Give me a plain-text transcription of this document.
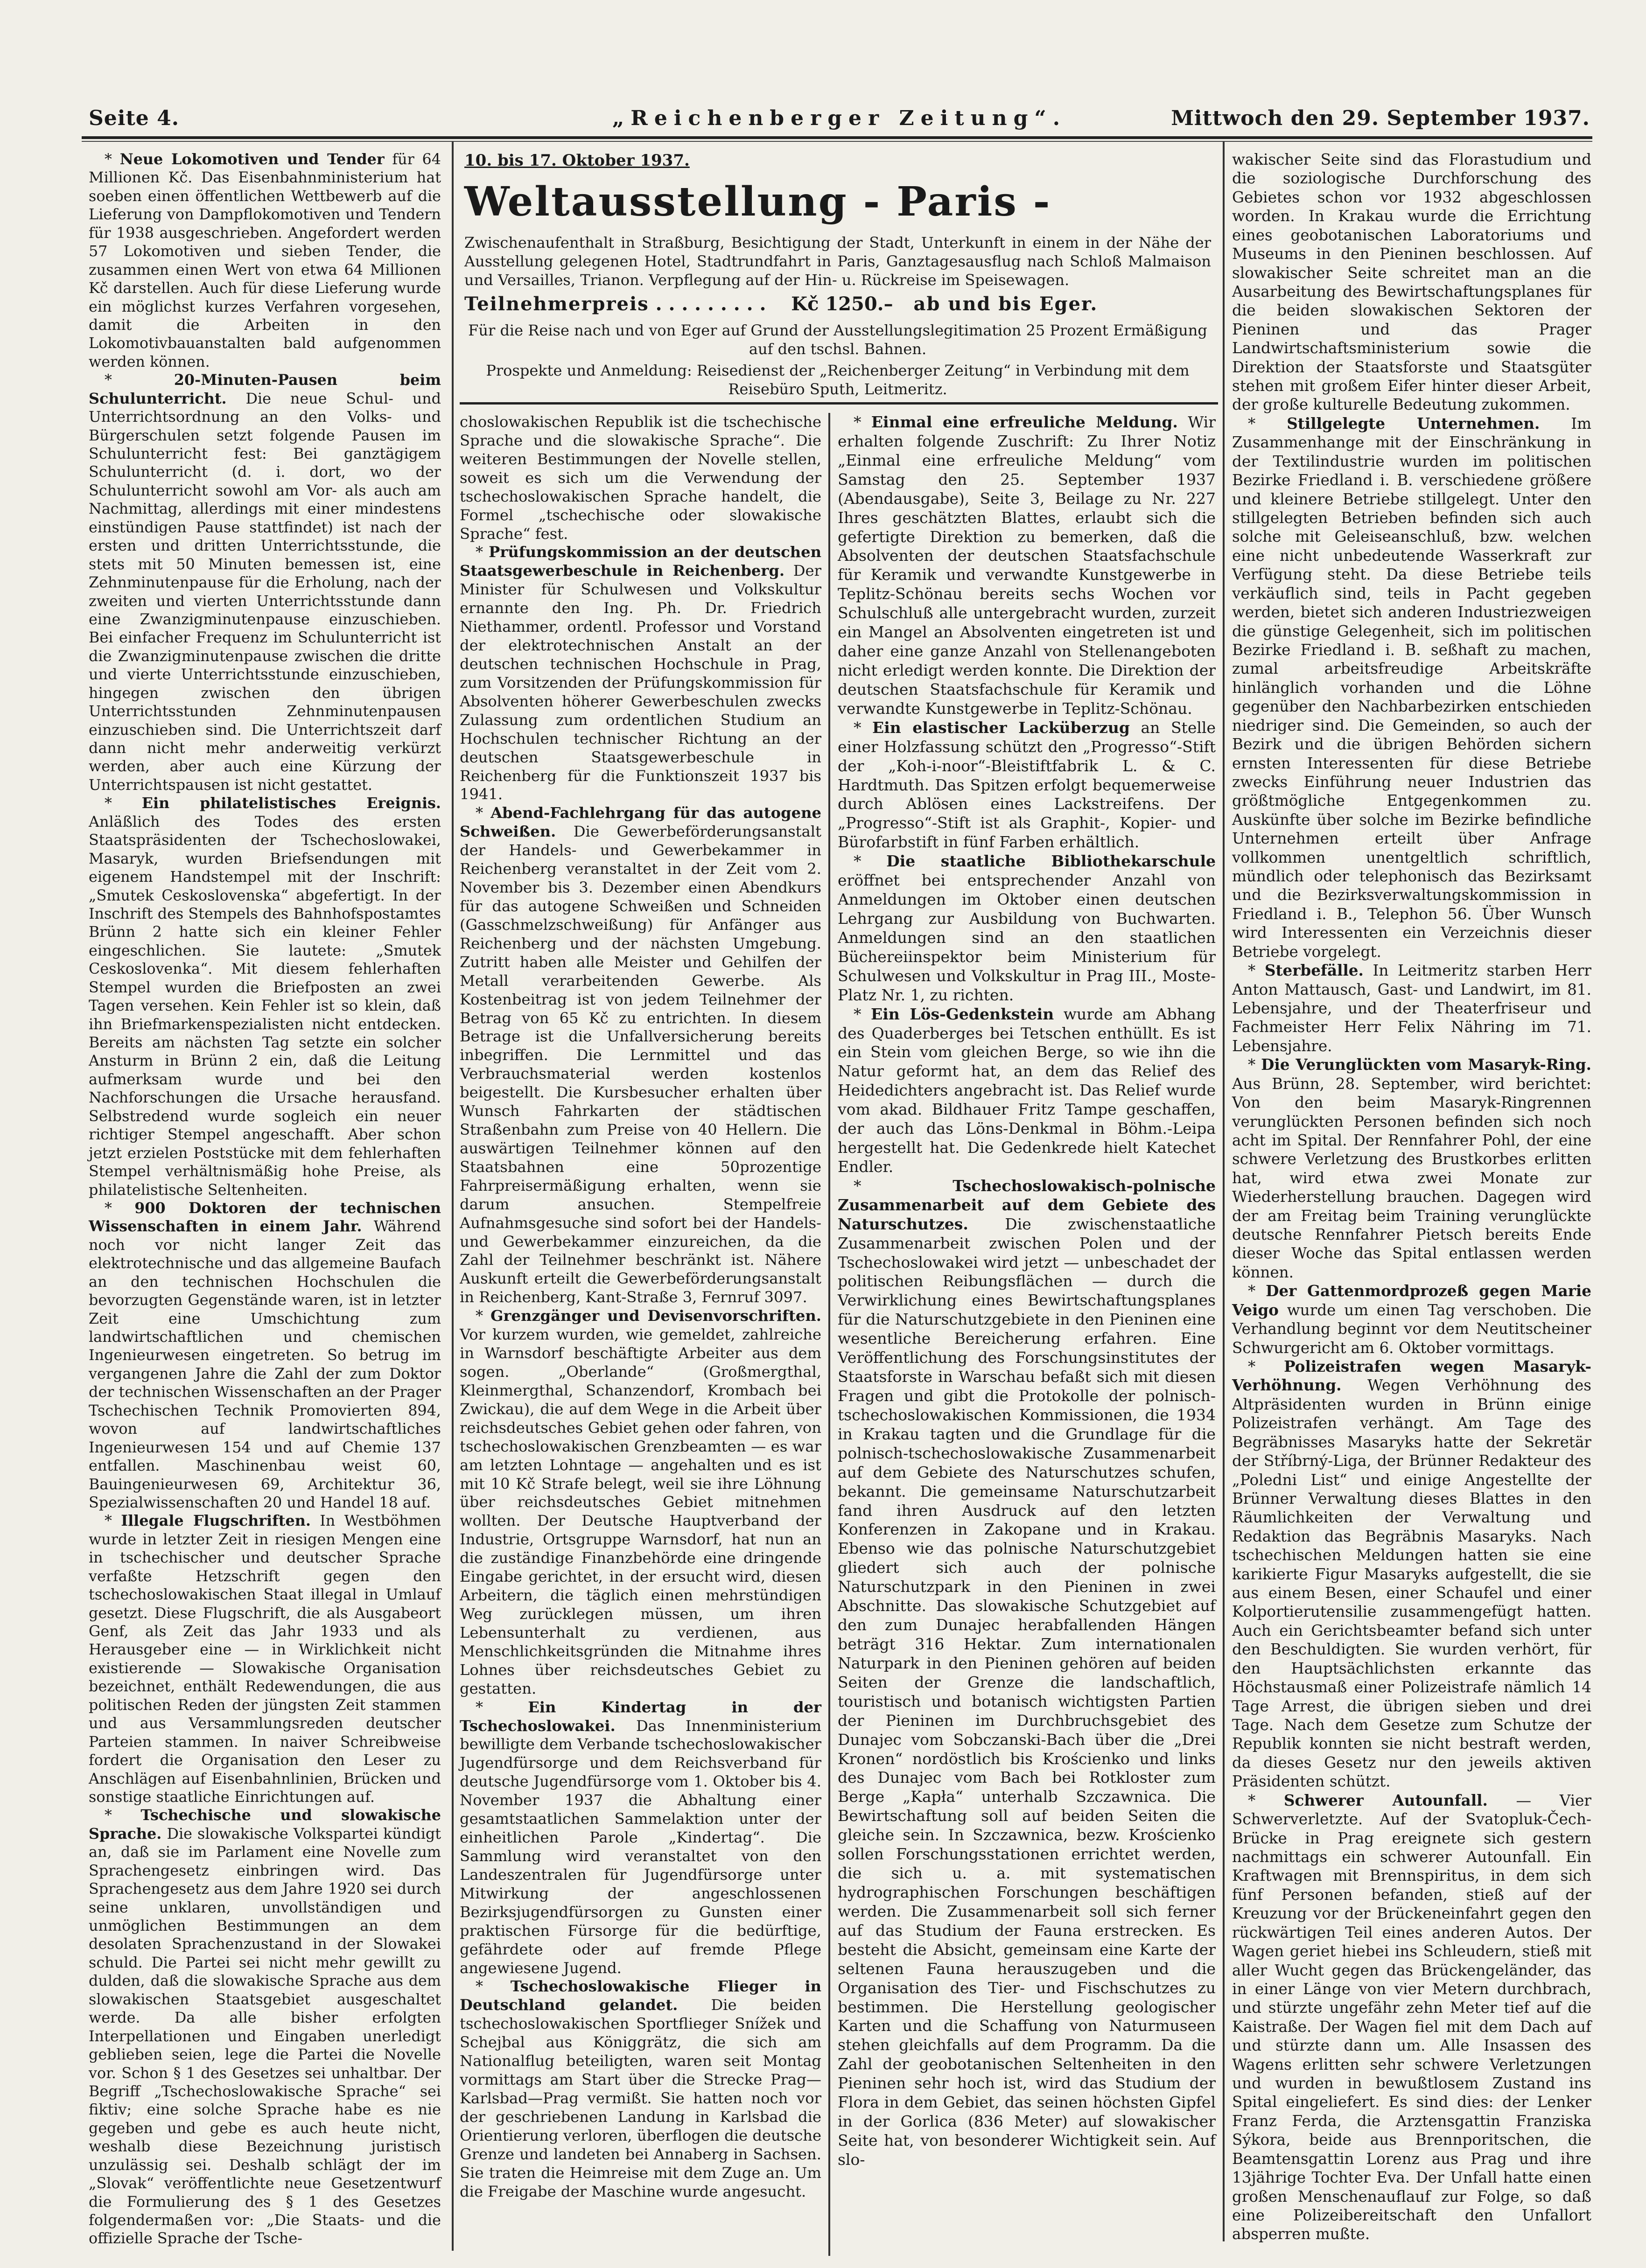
Seite 4.	„Reichenberger Zeitung“.	Mittwoch den 29. September 1937.
10. bis 17. Oktober 1937.
Weltausstellung - Paris -
Zwischenaufenthalt in Straßburg, Besichtigung der Stadt, Unterkunft in einem in der Nähe der Ausstellung gelegenen Hotel, Stadtrundfahrt in Paris, Ganztagesausflug nach Schloß Malmaison und Versailles, Trianon. Verpflegung auf der Hin- u. Rückreise im Speisewagen.
Teilnehmerpreis . . . . . . . . . Kč 1250.– ab und bis Eger.
Für die Reise nach und von Eger auf Grund der Ausstellungslegitimation 25 Prozent Ermäßigung auf den tschsl. Bahnen.
Prospekte und Anmeldung: Reisedienst der „Reichenberger Zeitung“ in Verbindung mit dem Reisebüro Sputh, Leitmeritz.

* Neue Lokomotiven und Tender für 64 Millionen Kč. Das Eisenbahnministerium hat soeben einen öffentlichen Wettbewerb auf die Lieferung von Dampflokomotiven und Tendern für 1938 ausgeschrieben. Angefordert werden 57 Lokomotiven und sieben Tender, die zusammen einen Wert von etwa 64 Millionen Kč darstellen. Auch für diese Lieferung wurde ein möglichst kurzes Verfahren vorgesehen, damit die Arbeiten in den Lokomotivbauanstalten bald aufgenommen werden können.

* 20-Minuten-Pausen beim Schulunterricht. Die neue Schul- und Unterrichtsordnung an den Volks- und Bürgerschulen setzt folgende Pausen im Schulunterricht fest: Bei ganztägigem Schulunterricht (d. i. dort, wo der Schulunterricht sowohl am Vor- als auch am Nachmittag, allerdings mit einer mindestens einstündigen Pause stattfindet) ist nach der ersten und dritten Unterrichtsstunde, die stets mit 50 Minuten bemessen ist, eine Zehnminutenpause für die Erholung, nach der zweiten und vierten Unterrichtsstunde dann eine Zwanzigminutenpause einzuschieben. Bei einfacher Frequenz im Schulunterricht ist die Zwanzigminutenpause zwischen die dritte und vierte Unterrichtsstunde einzuschieben, hingegen zwischen den übrigen Unterrichtsstunden Zehnminutenpausen einzuschieben sind. Die Unterrichtszeit darf dann nicht mehr anderweitig verkürzt werden, aber auch eine Kürzung der Unterrichtspausen ist nicht gestattet.

* Ein philatelistisches Ereignis. Anläßlich des Todes des ersten Staatspräsidenten der Tschechoslowakei, Masaryk, wurden Briefsendungen mit eigenem Handstempel mit der Inschrift: „Smutek Ceskoslovenska“ abgefertigt. In der Inschrift des Stempels des Bahnhofspostamtes Brünn 2 hatte sich ein kleiner Fehler eingeschlichen. Sie lautete: „Smutek Ceskoslovenka“. Mit diesem fehlerhaften Stempel wurden die Briefposten an zwei Tagen versehen. Kein Fehler ist so klein, daß ihn Briefmarkenspezialisten nicht entdecken. Bereits am nächsten Tag setzte ein solcher Ansturm in Brünn 2 ein, daß die Leitung aufmerksam wurde und bei den Nachforschungen die Ursache herausfand. Selbstredend wurde sogleich ein neuer richtiger Stempel angeschafft. Aber schon jetzt erzielen Poststücke mit dem fehlerhaften Stempel verhältnismäßig hohe Preise, als philatelistische Seltenheiten.

* 900 Doktoren der technischen Wissenschaften in einem Jahr. Während noch vor nicht langer Zeit das elektrotechnische und das allgemeine Baufach an den technischen Hochschulen die bevorzugten Gegenstände waren, ist in letzter Zeit eine Umschichtung zum landwirtschaftlichen und chemischen Ingenieurwesen eingetreten. So betrug im vergangenen Jahre die Zahl der zum Doktor der technischen Wissenschaften an der Prager Tschechischen Technik Promovierten 894, wovon auf landwirtschaftliches Ingenieurwesen 154 und auf Chemie 137 entfallen. Maschinenbau weist 60, Bauingenieurwesen 69, Architektur 36, Spezialwissenschaften 20 und Handel 18 auf.

* Illegale Flugschriften. In Westböhmen wurde in letzter Zeit in riesigen Mengen eine in tschechischer und deutscher Sprache verfaßte Hetzschrift gegen den tschechoslowakischen Staat illegal in Umlauf gesetzt. Diese Flugschrift, die als Ausgabeort Genf, als Zeit das Jahr 1933 und als Herausgeber eine — in Wirklichkeit nicht existierende — Slowakische Organisation bezeichnet, enthält Redewendungen, die aus politischen Reden der jüngsten Zeit stammen und aus Versammlungsreden deutscher Parteien stammen. In naiver Schreibweise fordert die Organisation den Leser zu Anschlägen auf Eisenbahnlinien, Brücken und sonstige staatliche Einrichtungen auf.

* Tschechische und slowakische Sprache. Die slowakische Volkspartei kündigt an, daß sie im Parlament eine Novelle zum Sprachengesetz einbringen wird. Das Sprachengesetz aus dem Jahre 1920 sei durch seine unklaren, unvollständigen und unmöglichen Bestimmungen an dem desolaten Sprachenzustand in der Slowakei schuld. Die Partei sei nicht mehr gewillt zu dulden, daß die slowakische Sprache aus dem slowakischen Staatsgebiet ausgeschaltet werde. Da alle bisher erfolgten Interpellationen und Eingaben unerledigt geblieben seien, lege die Partei die Novelle vor. Schon § 1 des Gesetzes sei unhaltbar. Der Begriff „Tschechoslowakische Sprache“ sei fiktiv; eine solche Sprache habe es nie gegeben und gebe es auch heute nicht, weshalb diese Bezeichnung juristisch unzulässig sei. Deshalb schlägt der im „Slovak“ veröffentlichte neue Gesetzentwurf die Formulierung des § 1 des Gesetzes folgendermaßen vor: „Die Staats- und die offizielle Sprache der Tsche-

choslowakischen Republik ist die tschechische Sprache und die slowakische Sprache“. Die weiteren Bestimmungen der Novelle stellen, soweit es sich um die Verwendung der tschechoslowakischen Sprache handelt, die Formel „tschechische oder slowakische Sprache“ fest.

* Prüfungskommission an der deutschen Staatsgewerbeschule in Reichenberg. Der Minister für Schulwesen und Volkskultur ernannte den Ing. Ph. Dr. Friedrich Niethammer, ordentl. Professor und Vorstand der elektrotechnischen Anstalt an der deutschen technischen Hochschule in Prag, zum Vorsitzenden der Prüfungskommission für Absolventen höherer Gewerbeschulen zwecks Zulassung zum ordentlichen Studium an Hochschulen technischer Richtung an der deutschen Staatsgewerbeschule in Reichenberg für die Funktionszeit 1937 bis 1941.

* Abend-Fachlehrgang für das autogene Schweißen. Die Gewerbeförderungsanstalt der Handels- und Gewerbekammer in Reichenberg veranstaltet in der Zeit vom 2. November bis 3. Dezember einen Abendkurs für das autogene Schweißen und Schneiden (Gasschmelzschweißung) für Anfänger aus Reichenberg und der nächsten Umgebung. Zutritt haben alle Meister und Gehilfen der Metall verarbeitenden Gewerbe. Als Kostenbeitrag ist von jedem Teilnehmer der Betrag von 65 Kč zu entrichten. In diesem Betrage ist die Unfallversicherung bereits inbegriffen. Die Lernmittel und das Verbrauchsmaterial werden kostenlos beigestellt. Die Kursbesucher erhalten über Wunsch Fahrkarten der städtischen Straßenbahn zum Preise von 40 Hellern. Die auswärtigen Teilnehmer können auf den Staatsbahnen eine 50prozentige Fahrpreisermäßigung erhalten, wenn sie darum ansuchen. Stempelfreie Aufnahmsgesuche sind sofort bei der Handels- und Gewerbekammer einzureichen, da die Zahl der Teilnehmer beschränkt ist. Nähere Auskunft erteilt die Gewerbeförderungsanstalt in Reichenberg, Kant-Straße 3, Fernruf 3097.

* Grenzgänger und Devisenvorschriften. Vor kurzem wurden, wie gemeldet, zahlreiche in Warnsdorf beschäftigte Arbeiter aus dem sogen. „Oberlande“ (Großmergthal, Kleinmergthal, Schanzendorf, Krombach bei Zwickau), die auf dem Wege in die Arbeit über reichsdeutsches Gebiet gehen oder fahren, von tschechoslowakischen Grenzbeamten — es war am letzten Lohntage — angehalten und es ist mit 10 Kč Strafe belegt, weil sie ihre Löhnung über reichsdeutsches Gebiet mitnehmen wollten. Der Deutsche Hauptverband der Industrie, Ortsgruppe Warnsdorf, hat nun an die zuständige Finanzbehörde eine dringende Eingabe gerichtet, in der ersucht wird, diesen Arbeitern, die täglich einen mehrstündigen Weg zurücklegen müssen, um ihren Lebensunterhalt zu verdienen, aus Menschlichkeitsgründen die Mitnahme ihres Lohnes über reichsdeutsches Gebiet zu gestatten.

* Ein Kindertag in der Tschechoslowakei. Das Innenministerium bewilligte dem Verbande tschechoslowakischer Jugendfürsorge und dem Reichsverband für deutsche Jugendfürsorge vom 1. Oktober bis 4. November 1937 die Abhaltung einer gesamtstaatlichen Sammelaktion unter der einheitlichen Parole „Kindertag“. Die Sammlung wird veranstaltet von den Landeszentralen für Jugendfürsorge unter Mitwirkung der angeschlossenen Bezirksjugendfürsorgen zu Gunsten einer praktischen Fürsorge für die bedürftige, gefährdete oder auf fremde Pflege angewiesene Jugend.

* Tschechoslowakische Flieger in Deutschland gelandet. Die beiden tschechoslowakischen Sportflieger Snížek und Schejbal aus Königgrätz, die sich am Nationalflug beteiligten, waren seit Montag vormittags am Start über die Strecke Prag—Karlsbad—Prag vermißt. Sie hatten noch vor der geschriebenen Landung in Karlsbad die Orientierung verloren, überflogen die deutsche Grenze und landeten bei Annaberg in Sachsen. Sie traten die Heimreise mit dem Zuge an. Um die Freigabe der Maschine wurde angesucht.

* Einmal eine erfreuliche Meldung. Wir erhalten folgende Zuschrift: Zu Ihrer Notiz „Einmal eine erfreuliche Meldung“ vom Samstag den 25. September 1937 (Abendausgabe), Seite 3, Beilage zu Nr. 227 Ihres geschätzten Blattes, erlaubt sich die gefertigte Direktion zu bemerken, daß die Absolventen der deutschen Staatsfachschule für Keramik und verwandte Kunstgewerbe in Teplitz-Schönau bereits sechs Wochen vor Schulschluß alle untergebracht wurden, zurzeit ein Mangel an Absolventen eingetreten ist und daher eine ganze Anzahl von Stellenangeboten nicht erledigt werden konnte. Die Direktion der deutschen Staatsfachschule für Keramik und verwandte Kunstgewerbe in Teplitz-Schönau.

* Ein elastischer Lacküberzug an Stelle einer Holzfassung schützt den „Progresso“-Stift der „Koh-i-noor“-Bleistiftfabrik L. & C. Hardtmuth. Das Spitzen erfolgt bequemerweise durch Ablösen eines Lackstreifens. Der „Progresso“-Stift ist als Graphit-, Kopier- und Bürofarbstift in fünf Farben erhältlich.

* Die staatliche Bibliothekarschule eröffnet bei entsprechender Anzahl von Anmeldungen im Oktober einen deutschen Lehrgang zur Ausbildung von Buchwarten. Anmeldungen sind an den staatlichen Büchereiinspektor beim Ministerium für Schulwesen und Volkskultur in Prag III., Moste-Platz Nr. 1, zu richten.

* Ein Lös-Gedenkstein wurde am Abhang des Quaderberges bei Tetschen enthüllt. Es ist ein Stein vom gleichen Berge, so wie ihn die Natur geformt hat, an dem das Relief des Heidedichters angebracht ist. Das Relief wurde vom akad. Bildhauer Fritz Tampe geschaffen, der auch das Löns-Denkmal in Böhm.-Leipa hergestellt hat. Die Gedenkrede hielt Katechet Endler.

* Tschechoslowakisch-polnische Zusammenarbeit auf dem Gebiete des Naturschutzes. Die zwischenstaatliche Zusammenarbeit zwischen Polen und der Tschechoslowakei wird jetzt — unbeschadet der politischen Reibungsflächen — durch die Verwirklichung eines Bewirtschaftungsplanes für die Naturschutzgebiete in den Pieninen eine wesentliche Bereicherung erfahren. Eine Veröffentlichung des Forschungsinstitutes der Staatsforste in Warschau befaßt sich mit diesen Fragen und gibt die Protokolle der polnisch-tschechoslowakischen Kommissionen, die 1934 in Krakau tagten und die Grundlage für die polnisch-tschechoslowakische Zusammenarbeit auf dem Gebiete des Naturschutzes schufen, bekannt. Die gemeinsame Naturschutzarbeit fand ihren Ausdruck auf den letzten Konferenzen in Zakopane und in Krakau. Ebenso wie das polnische Naturschutzgebiet gliedert sich auch der polnische Naturschutzpark in den Pieninen in zwei Abschnitte. Das slowakische Schutzgebiet auf den zum Dunajec herabfallenden Hängen beträgt 316 Hektar. Zum internationalen Naturpark in den Pieninen gehören auf beiden Seiten der Grenze die landschaftlich, touristisch und botanisch wichtigsten Partien der Pieninen im Durchbruchsgebiet des Dunajec vom Sobczanski-Bach über die „Drei Kronen“ nordöstlich bis Krościenko und links des Dunajec vom Bach bei Rotkloster zum Berge „Kapła“ unterhalb Szczawnica. Die Bewirtschaftung soll auf beiden Seiten die gleiche sein. In Szczawnica, bezw. Krościenko sollen Forschungsstationen errichtet werden, die sich u. a. mit systematischen hydrographischen Forschungen beschäftigen werden. Die Zusammenarbeit soll sich ferner auf das Studium der Fauna erstrecken. Es besteht die Absicht, gemeinsam eine Karte der seltenen Fauna herauszugeben und die Organisation des Tier- und Fischschutzes zu bestimmen. Die Herstellung geologischer Karten und die Schaffung von Naturmuseen stehen gleichfalls auf dem Programm. Da die Zahl der geobotanischen Seltenheiten in den Pieninen sehr hoch ist, wird das Studium der Flora in dem Gebiet, das seinen höchsten Gipfel in der Gorlica (836 Meter) auf slowakischer Seite hat, von besonderer Wichtigkeit sein. Auf slo-

wakischer Seite sind das Florastudium und die soziologische Durchforschung des Gebietes schon vor 1932 abgeschlossen worden. In Krakau wurde die Errichtung eines geobotanischen Laboratoriums und Museums in den Pieninen beschlossen. Auf slowakischer Seite schreitet man an die Ausarbeitung des Bewirtschaftungsplanes für die beiden slowakischen Sektoren der Pieninen und das Prager Landwirtschaftsministerium sowie die Direktion der Staatsforste und Staatsgüter stehen mit großem Eifer hinter dieser Arbeit, der große kulturelle Bedeutung zukommen.

* Stillgelegte Unternehmen. Im Zusammenhange mit der Einschränkung in der Textilindustrie wurden im politischen Bezirke Friedland i. B. verschiedene größere und kleinere Betriebe stillgelegt. Unter den stillgelegten Betrieben befinden sich auch solche mit Geleiseanschluß, bzw. welchen eine nicht unbedeutende Wasserkraft zur Verfügung steht. Da diese Betriebe teils verkäuflich sind, teils in Pacht gegeben werden, bietet sich anderen Industriezweigen die günstige Gelegenheit, sich im politischen Bezirke Friedland i. B. seßhaft zu machen, zumal arbeitsfreudige Arbeitskräfte hinlänglich vorhanden und die Löhne gegenüber den Nachbarbezirken entschieden niedriger sind. Die Gemeinden, so auch der Bezirk und die übrigen Behörden sichern ernsten Interessenten für diese Betriebe zwecks Einführung neuer Industrien das größtmögliche Entgegenkommen zu. Auskünfte über solche im Bezirke befindliche Unternehmen erteilt über Anfrage vollkommen unentgeltlich schriftlich, mündlich oder telephonisch das Bezirksamt und die Bezirksverwaltungskommission in Friedland i. B., Telephon 56. Über Wunsch wird Interessenten ein Verzeichnis dieser Betriebe vorgelegt.

* Sterbefälle. In Leitmeritz starben Herr Anton Mattausch, Gast- und Landwirt, im 81. Lebensjahre, und der Theaterfriseur und Fachmeister Herr Felix Nähring im 71. Lebensjahre.

* Die Verunglückten vom Masaryk-Ring. Aus Brünn, 28. September, wird berichtet: Von den beim Masaryk-Ringrennen verunglückten Personen befinden sich noch acht im Spital. Der Rennfahrer Pohl, der eine schwere Verletzung des Brustkorbes erlitten hat, wird etwa zwei Monate zur Wiederherstellung brauchen. Dagegen wird der am Freitag beim Training verunglückte deutsche Rennfahrer Pietsch bereits Ende dieser Woche das Spital entlassen werden können.

* Der Gattenmordprozeß gegen Marie Veigo wurde um einen Tag verschoben. Die Verhandlung beginnt vor dem Neutitscheiner Schwurgericht am 6. Oktober vormittags.

* Polizeistrafen wegen Masaryk-Verhöhnung. Wegen Verhöhnung des Altpräsidenten wurden in Brünn einige Polizeistrafen verhängt. Am Tage des Begräbnisses Masaryks hatte der Sekretär der Stříbrný-Liga, der Brünner Redakteur des „Poledni List“ und einige Angestellte der Brünner Verwaltung dieses Blattes in den Räumlichkeiten der Verwaltung und Redaktion das Begräbnis Masaryks. Nach tschechischen Meldungen hatten sie eine karikierte Figur Masaryks aufgestellt, die sie aus einem Besen, einer Schaufel und einer Kolportierutensilie zusammengefügt hatten. Auch ein Gerichtsbeamter befand sich unter den Beschuldigten. Sie wurden verhört, für den Hauptsächlichsten erkannte das Höchstausmaß einer Polizeistrafe nämlich 14 Tage Arrest, die übrigen sieben und drei Tage. Nach dem Gesetze zum Schutze der Republik konnten sie nicht bestraft werden, da dieses Gesetz nur den jeweils aktiven Präsidenten schützt.

* Schwerer Autounfall. — Vier Schwerverletzte. Auf der Svatopluk-Čech-Brücke in Prag ereignete sich gestern nachmittags ein schwerer Autounfall. Ein Kraftwagen mit Brennspiritus, in dem sich fünf Personen befanden, stieß auf der Kreuzung vor der Brückeneinfahrt gegen den rückwärtigen Teil eines anderen Autos. Der Wagen geriet hiebei ins Schleudern, stieß mit aller Wucht gegen das Brückengeländer, das in einer Länge von vier Metern durchbrach, und stürzte ungefähr zehn Meter tief auf die Kaistraße. Der Wagen fiel mit dem Dach auf und stürzte dann um. Alle Insassen des Wagens erlitten sehr schwere Verletzungen und wurden in bewußtlosem Zustand ins Spital eingeliefert. Es sind dies: der Lenker Franz Ferda, die Arztensgattin Franziska Sýkora, beide aus Brennporitschen, die Beamtensgattin Lorenz aus Prag und ihre 13jährige Tochter Eva. Der Unfall hatte einen großen Menschenauflauf zur Folge, so daß eine Polizeibereitschaft den Unfallort absperren mußte.
